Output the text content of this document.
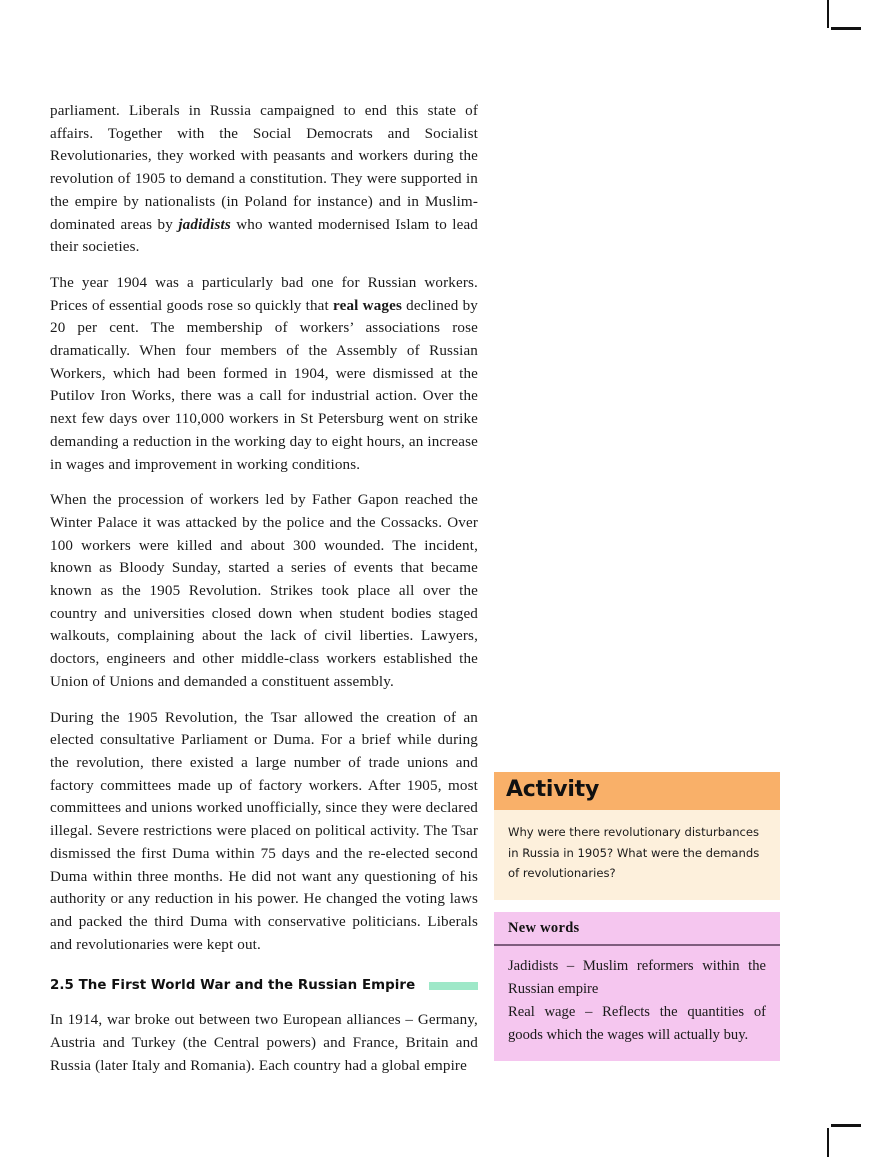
parliament. Liberals in Russia campaigned to end this state of affairs. Together with the Social Democrats and Socialist Revolutionaries, they worked with peasants and workers during the revolution of 1905 to demand a constitution. They were supported in the empire by nationalists (in Poland for instance) and in Muslim-dominated areas by jadidists who wanted modernised Islam to lead their societies.

The year 1904 was a particularly bad one for Russian workers. Prices of essential goods rose so quickly that real wages declined by 20 per cent. The membership of workers’ associations rose dramatically. When four members of the Assembly of Russian Workers, which had been formed in 1904, were dismissed at the Putilov Iron Works, there was a call for industrial action. Over the next few days over 110,000 workers in St Petersburg went on strike demanding a reduction in the working day to eight hours, an increase in wages and improvement in working conditions.

When the procession of workers led by Father Gapon reached the Winter Palace it was attacked by the police and the Cossacks. Over 100 workers were killed and about 300 wounded. The incident, known as Bloody Sunday, started a series of events that became known as the 1905 Revolution. Strikes took place all over the country and universities closed down when student bodies staged walkouts, complaining about the lack of civil liberties. Lawyers, doctors, engineers and other middle-class workers established the Union of Unions and demanded a constituent assembly.

During the 1905 Revolution, the Tsar allowed the creation of an elected consultative Parliament or Duma. For a brief while during the revolution, there existed a large number of trade unions and factory committees made up of factory workers. After 1905, most committees and unions worked unofficially, since they were declared illegal. Severe restrictions were placed on political activity. The Tsar dismissed the first Duma within 75 days and the re-elected second Duma within three months. He did not want any questioning of his authority or any reduction in his power. He changed the voting laws and packed the third Duma with conservative politicians. Liberals and revolutionaries were kept out.

2.5 The First World War and the Russian Empire

In 1914, war broke out between two European alliances – Germany, Austria and Turkey (the Central powers) and France, Britain and Russia (later Italy and Romania). Each country had a global empire

Activity

Why were there revolutionary disturbances in Russia in 1905? What were the demands of revolutionaries?

New words

Jadidists – Muslim reformers within the Russian empire

Real wage – Reflects the quantities of goods which the wages will actually buy.
